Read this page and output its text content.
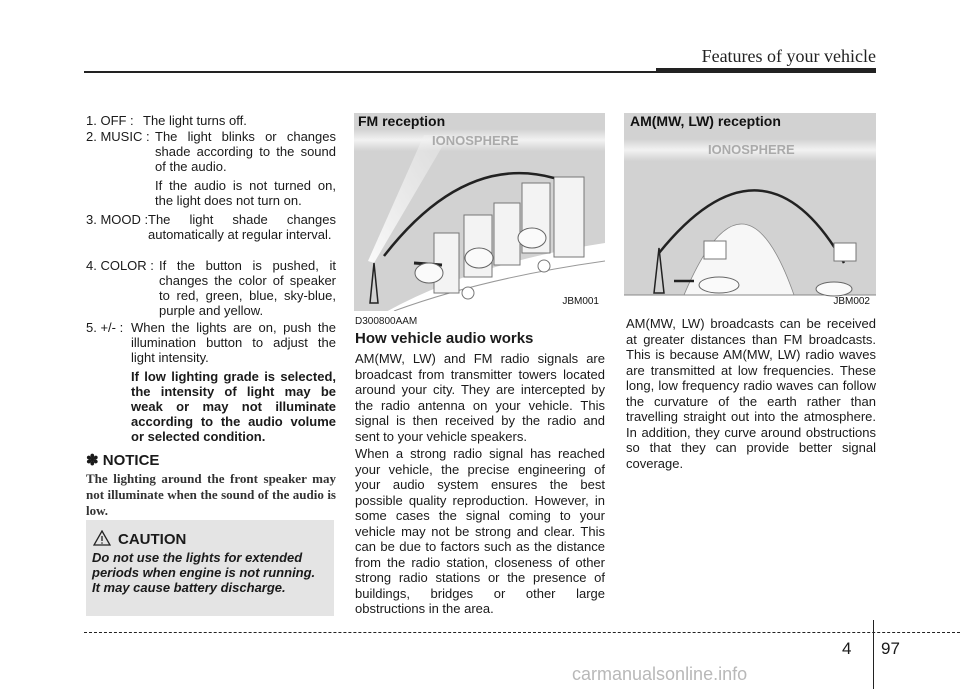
Features of your vehicle
1. OFF : The light turns off.
2. MUSIC : The light blinks or changes shade according to the sound of the audio.
If the audio is not turned on, the light does not turn on.
3. MOOD : The light shade changes automatically at regular interval.
4. COLOR : If the button is pushed, it changes the color of speaker to red, green, blue, sky-blue, purple and yellow.
5. +/- : When the lights are on, push the illumination button to adjust the light intensity.
If low lighting grade is selected, the intensity of light may be weak or may not illuminate according to the audio volume or selected condition.
✽ NOTICE
The lighting around the front speaker may not illuminate when the sound of the audio is low.
CAUTION
Do not use the lights for extended periods when engine is not running.
It may cause battery discharge.
FM reception
IONOSPHERE
JBM001
AM(MW, LW) reception
IONOSPHERE
JBM002
D300800AAM
How vehicle audio works
AM(MW, LW) and FM radio signals are broadcast from transmitter towers located around your city. They are intercepted by the radio antenna on your vehicle. This signal is then received by the radio and sent to your vehicle speakers.
When a strong radio signal has reached your vehicle, the precise engineering of your audio system ensures the best possible quality reproduction. However, in some cases the signal coming to your vehicle may not be strong and clear. This can be due to factors such as the distance from the radio station, closeness of other strong radio stations or the presence of buildings, bridges or other large obstructions in the area.
AM(MW, LW) broadcasts can be received at greater distances than FM broadcasts. This is because AM(MW, LW) radio waves are transmitted at low frequencies. These long, low frequency radio waves can follow the curvature of the earth rather than travelling straight out into the atmosphere. In addition, they curve around obstructions so that they can provide better signal coverage.
4 97
carmanualsonline.info
